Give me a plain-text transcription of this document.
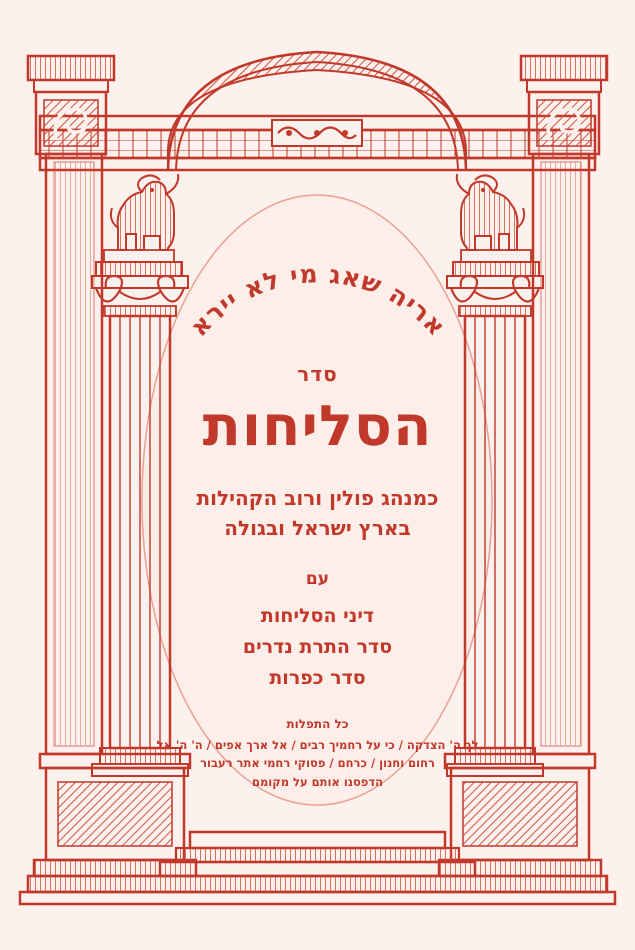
אריה שאג מי לא יירא
סדר
הסליחות
כמנהג פולין ורוב הקהילות
בארץ ישראל ובגולה
עם
דיני הסליחות
סדר התרת נדרים
סדר כפרות
כל התפלות
לך ה' הצדקה / כי על רחמיך רבים / אל ארך אפים / ה' ה' אל
רחום וחנון / כרחם / פסוקי רחמי אתר רעבור
הדפסנו אותם על מקומם
